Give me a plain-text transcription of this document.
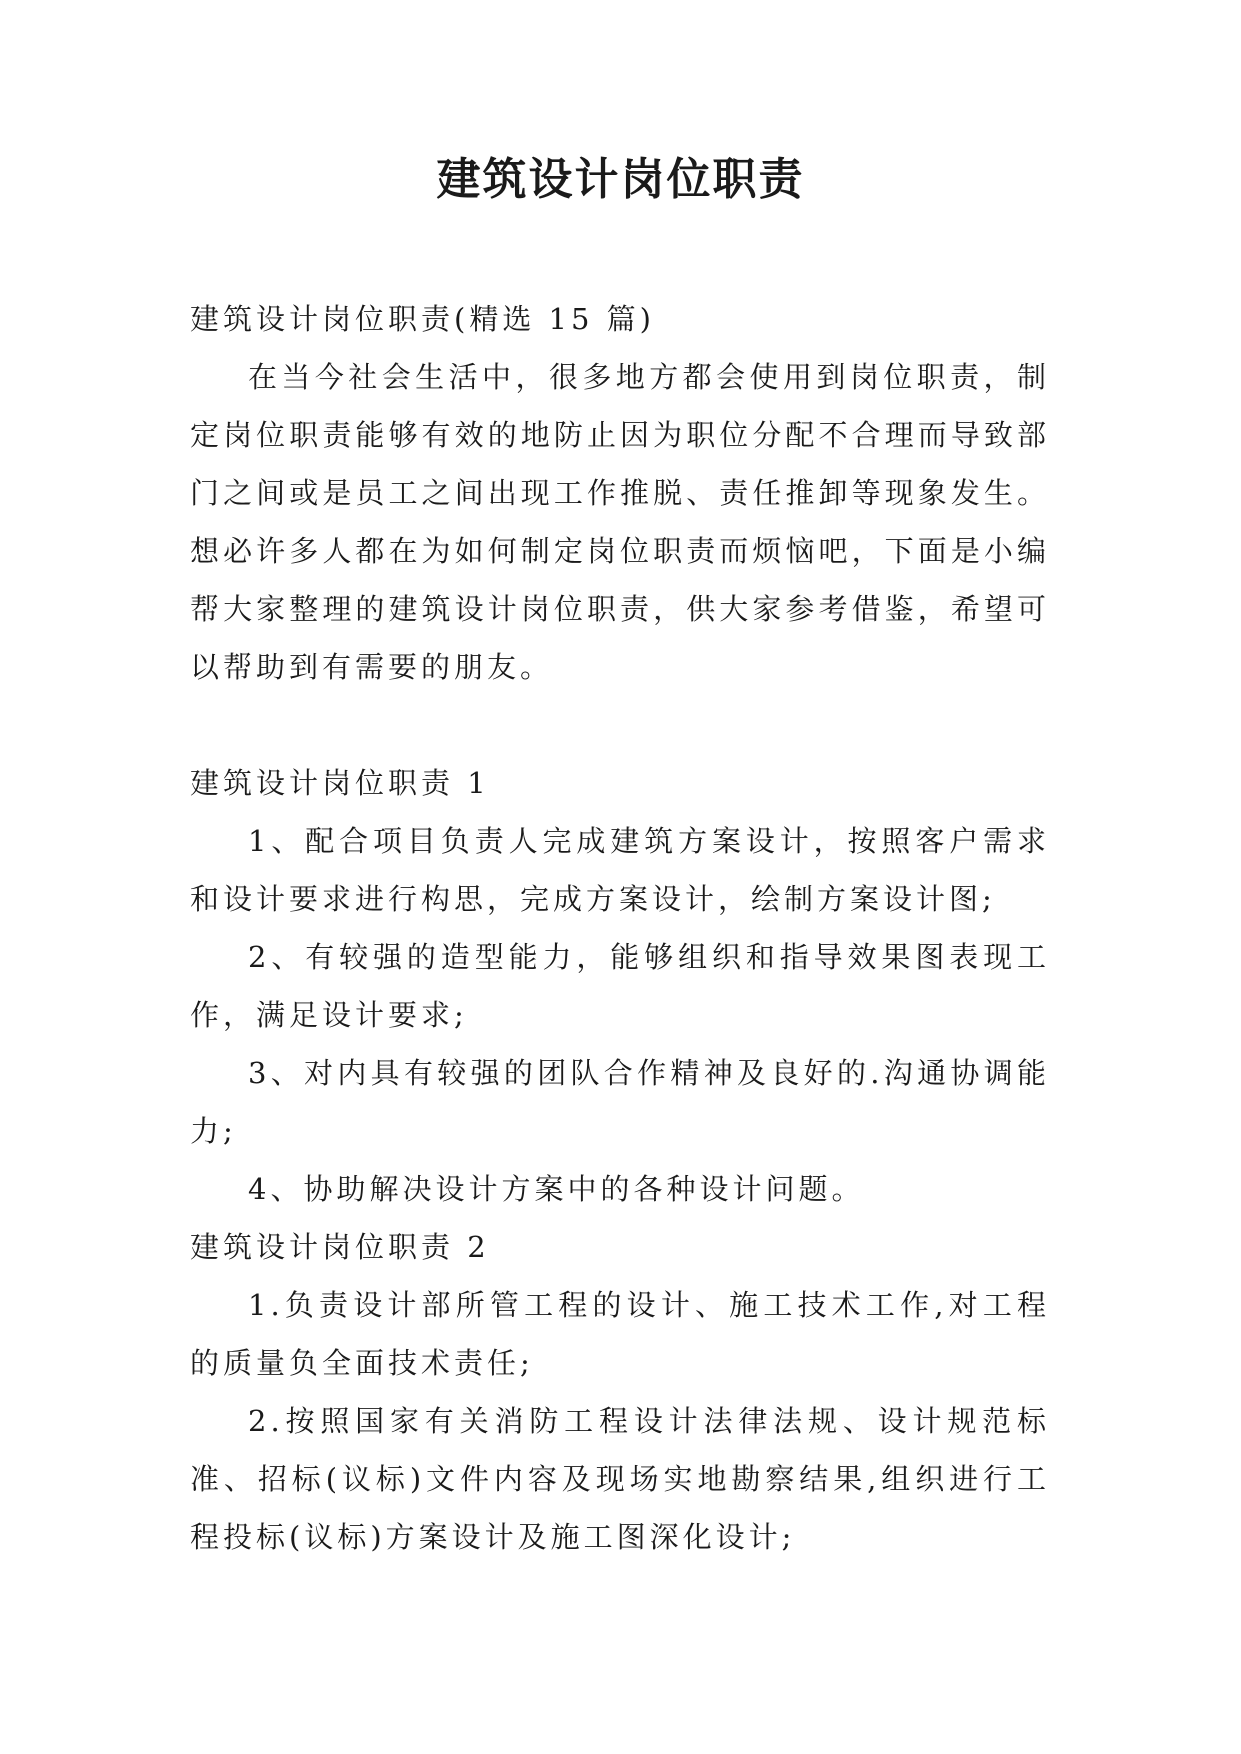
建筑设计岗位职责

建筑设计岗位职责(精选 15 篇)

在当今社会生活中，很多地方都会使用到岗位职责，制定岗位职责能够有效的地防止因为职位分配不合理而导致部门之间或是员工之间出现工作推脱、责任推卸等现象发生。想必许多人都在为如何制定岗位职责而烦恼吧，下面是小编帮大家整理的建筑设计岗位职责，供大家参考借鉴，希望可以帮助到有需要的朋友。

建筑设计岗位职责 1

1、配合项目负责人完成建筑方案设计，按照客户需求和设计要求进行构思，完成方案设计，绘制方案设计图;

2、有较强的造型能力，能够组织和指导效果图表现工作，满足设计要求;

3、对内具有较强的团队合作精神及良好的.沟通协调能力;

4、协助解决设计方案中的各种设计问题。

建筑设计岗位职责 2

1.负责设计部所管工程的设计、施工技术工作,对工程的质量负全面技术责任;

2.按照国家有关消防工程设计法律法规、设计规范标准、招标(议标)文件内容及现场实地勘察结果,组织进行工程投标(议标)方案设计及施工图深化设计;
